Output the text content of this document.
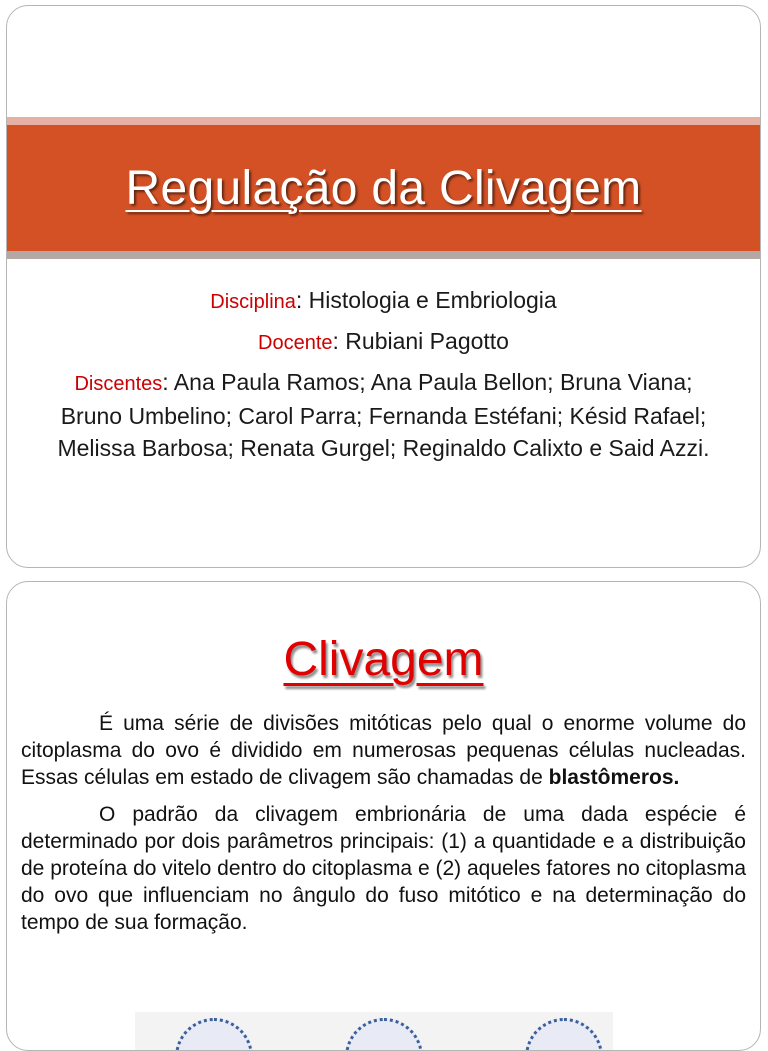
Regulação da Clivagem

Disciplina: Histologia e Embriologia

Docente: Rubiani Pagotto

Discentes: Ana Paula Ramos; Ana Paula Bellon; Bruna Viana; Bruno Umbelino; Carol Parra; Fernanda Estéfani; Késid Rafael; Melissa Barbosa; Renata Gurgel; Reginaldo Calixto e Said Azzi.

Clivagem

É uma série de divisões mitóticas pelo qual o enorme volume do citoplasma do ovo é dividido em numerosas pequenas células nucleadas. Essas células em estado de clivagem são chamadas de blastômeros.

O padrão da clivagem embrionária de uma dada espécie é determinado por dois parâmetros principais: (1) a quantidade e a distribuição de proteína do vitelo dentro do citoplasma e (2) aqueles fatores no citoplasma do ovo que influenciam no ângulo do fuso mitótico e na determinação do tempo de sua formação.
